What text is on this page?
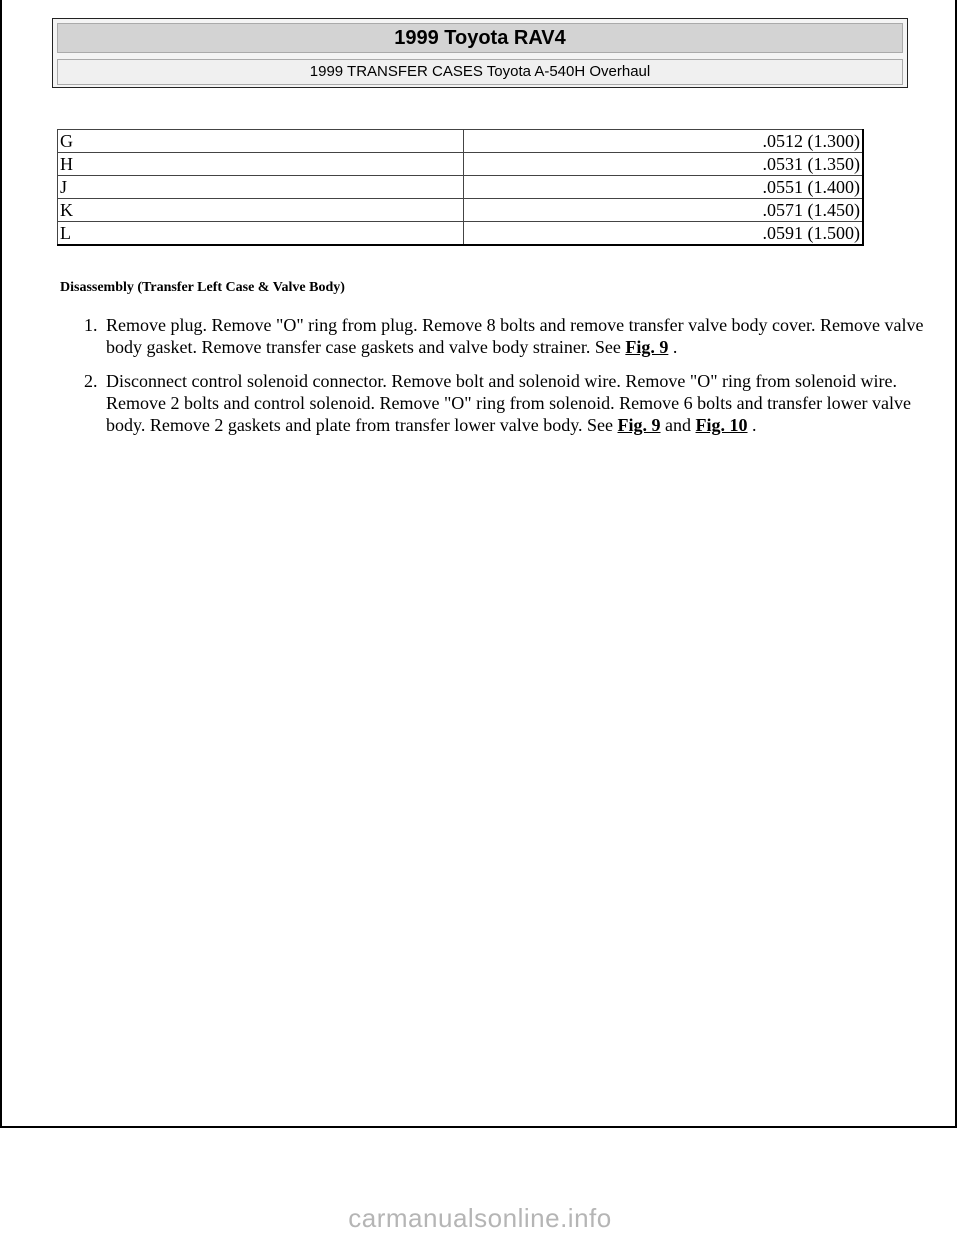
1999 Toyota RAV4
1999 TRANSFER CASES Toyota A-540H Overhaul
G	.0512 (1.300)
H	.0531 (1.350)
J	.0551 (1.400)
K	.0571 (1.450)
L	.0591 (1.500)
Disassembly (Transfer Left Case & Valve Body)
1. Remove plug. Remove "O" ring from plug. Remove 8 bolts and remove transfer valve body cover. Remove valve body gasket. Remove transfer case gaskets and valve body strainer. See Fig. 9 .
2. Disconnect control solenoid connector. Remove bolt and solenoid wire. Remove "O" ring from solenoid wire. Remove 2 bolts and control solenoid. Remove "O" ring from solenoid. Remove 6 bolts and transfer lower valve body. Remove 2 gaskets and plate from transfer lower valve body. See Fig. 9 and Fig. 10 .
carmanualsonline.info
